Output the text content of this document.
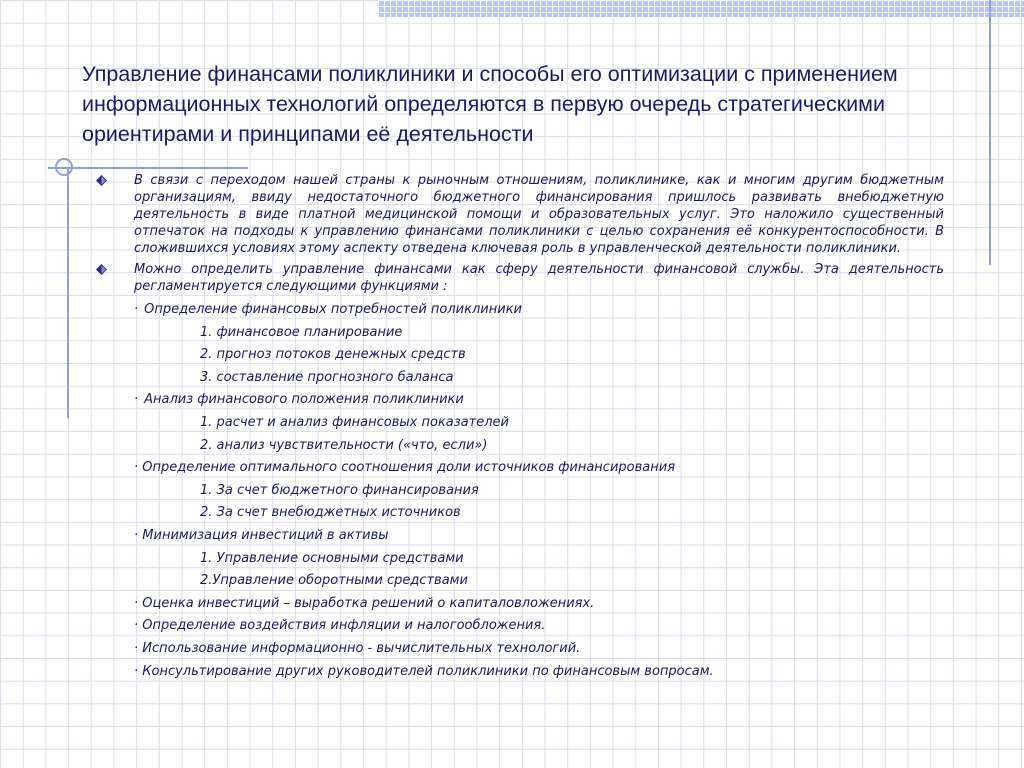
Управление финансами поликлиники и способы его оптимизации с применением информационных технологий определяются в первую очередь стратегическими ориентирами и принципами её деятельности
В связи с переходом нашей страны к рыночным отношениям, поликлинике, как и многим другим бюджетным организациям, ввиду недостаточного бюджетного финансирования пришлось развивать внебюджетную деятельность в виде платной медицинской помощи и образовательных услуг. Это наложило существенный отпечаток на подходы к управлению финансами поликлиники с целью сохранения её конкурентоспособности. В сложившихся условиях этому аспекту отведена ключевая роль в управленческой деятельности поликлиники.
Можно определить управление финансами как сферу деятельности финансовой службы. Эта деятельность регламентируется следующими функциями :
· Определение финансовых потребностей поликлиники
1. финансовое планирование
2. прогноз потоков денежных средств
3. составление прогнозного баланса
· Анализ финансового положения поликлиники
1. расчет и анализ финансовых показателей
2. анализ чувствительности («что, если»)
· Определение оптимального соотношения доли источников финансирования
1. За счет бюджетного финансирования
2. За счет внебюджетных источников
· Минимизация инвестиций в активы
1. Управление основными средствами
2.Управление оборотными средствами
· Оценка инвестиций – выработка решений о капиталовложениях.
· Определение воздействия инфляции и налогообложения.
· Использование информационно - вычислительных технологий.
· Консультирование других руководителей поликлиники по финансовым вопросам.
